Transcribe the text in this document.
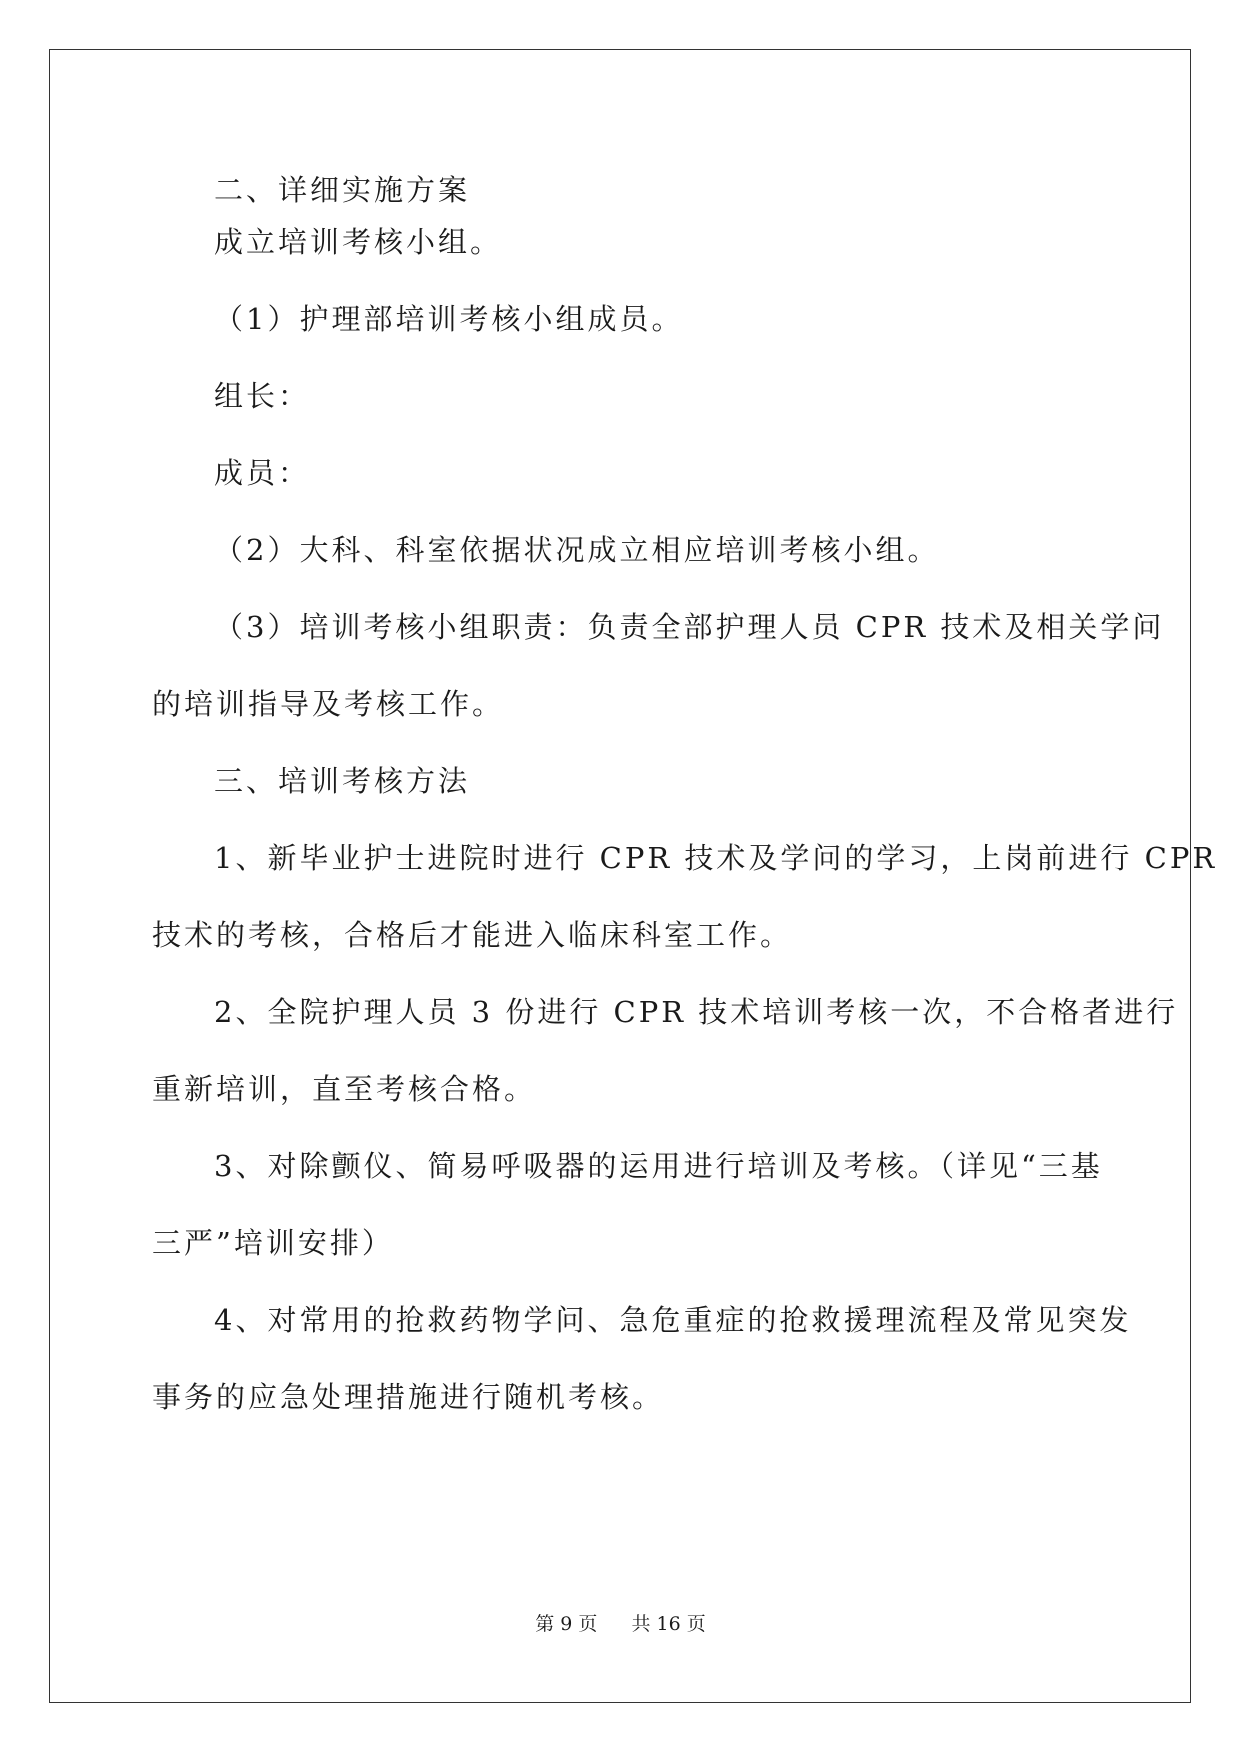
二、详细实施方案

成立培训考核小组。

（1）护理部培训考核小组成员。

组长：

成员：

（2）大科、科室依据状况成立相应培训考核小组。

（3）培训考核小组职责：负责全部护理人员 CPR 技术及相关学问

的培训指导及考核工作。

三、培训考核方法

1、新毕业护士进院时进行 CPR 技术及学问的学习，上岗前进行 CPR

技术的考核，合格后才能进入临床科室工作。

2、全院护理人员 3 份进行 CPR 技术培训考核一次，不合格者进行

重新培训，直至考核合格。

3、对除颤仪、简易呼吸器的运用进行培训及考核。（详见“三基

三严”培训安排）

4、对常用的抢救药物学问、急危重症的抢救援理流程及常见突发

事务的应急处理措施进行随机考核。

第 9 页 共 16 页
